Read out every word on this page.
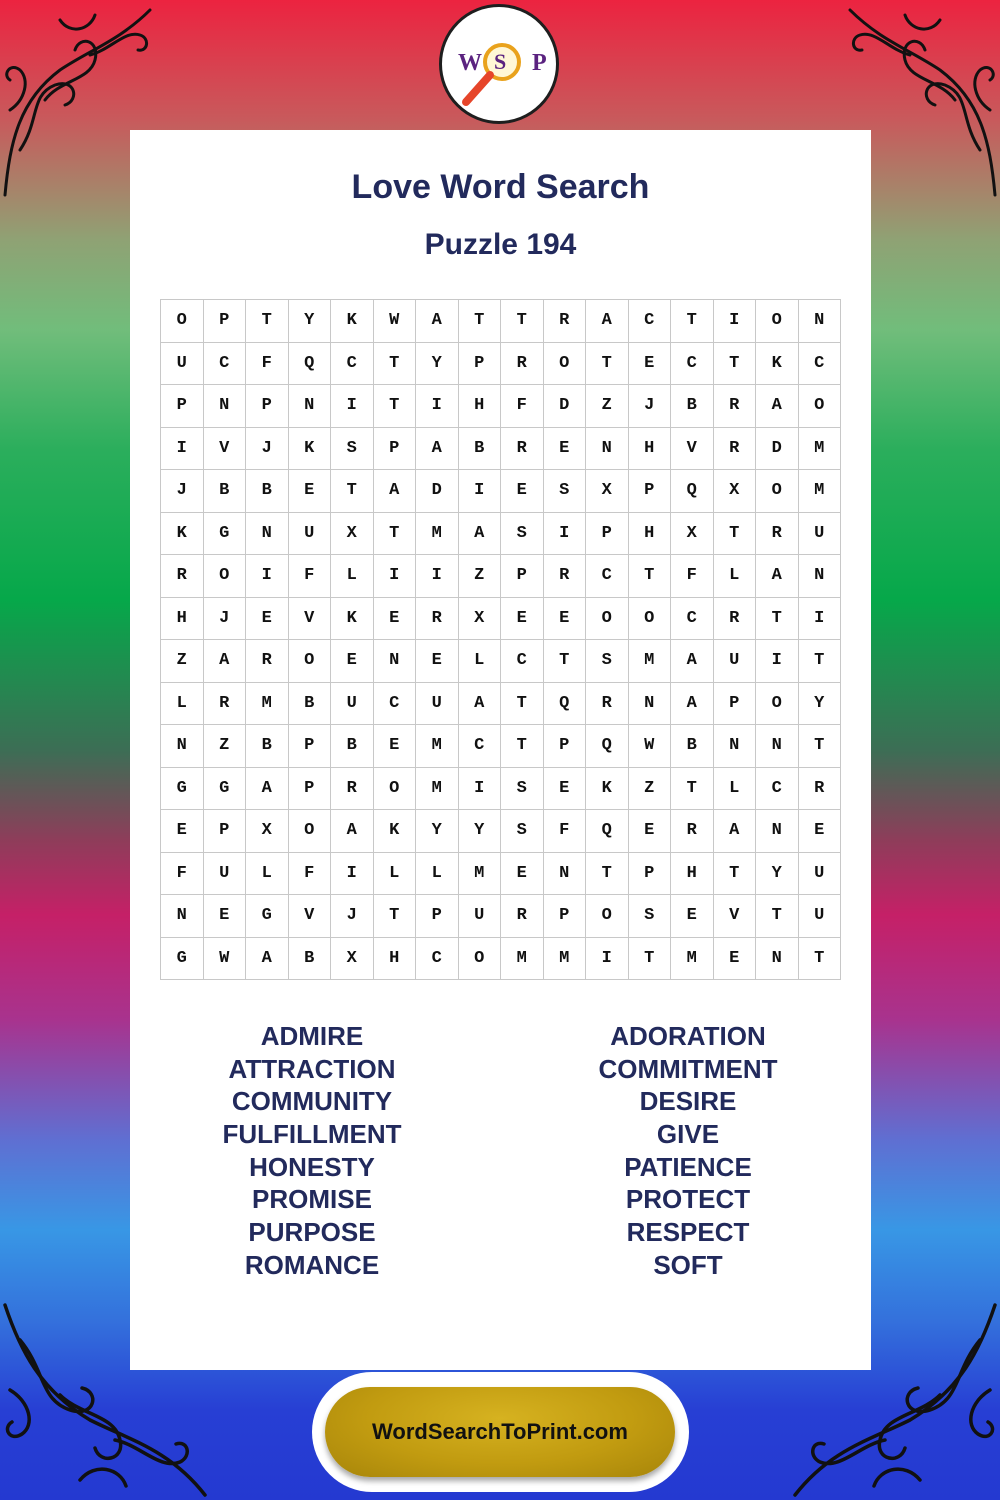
Love Word Search
Puzzle 194
O	P	T	Y	K	W	A	T	T	R	A	C	T	I	O	N
U	C	F	Q	C	T	Y	P	R	O	T	E	C	T	K	C
P	N	P	N	I	T	I	H	F	D	Z	J	B	R	A	O
I	V	J	K	S	P	A	B	R	E	N	H	V	R	D	M
J	B	B	E	T	A	D	I	E	S	X	P	Q	X	O	M
K	G	N	U	X	T	M	A	S	I	P	H	X	T	R	U
R	O	I	F	L	I	I	Z	P	R	C	T	F	L	A	N
H	J	E	V	K	E	R	X	E	E	O	O	C	R	T	I
Z	A	R	O	E	N	E	L	C	T	S	M	A	U	I	T
L	R	M	B	U	C	U	A	T	Q	R	N	A	P	O	Y
N	Z	B	P	B	E	M	C	T	P	Q	W	B	N	N	T
G	G	A	P	R	O	M	I	S	E	K	Z	T	L	C	R
E	P	X	O	A	K	Y	Y	S	F	Q	E	R	A	N	E
F	U	L	F	I	L	L	M	E	N	T	P	H	T	Y	U
N	E	G	V	J	T	P	U	R	P	O	S	E	V	T	U
G	W	A	B	X	H	C	O	M	M	I	T	M	E	N	T
ADMIRE
ATTRACTION
COMMUNITY
FULFILLMENT
HONESTY
PROMISE
PURPOSE
ROMANCE
ADORATION
COMMITMENT
DESIRE
GIVE
PATIENCE
PROTECT
RESPECT
SOFT
W S P
WordSearchToPrint.com
